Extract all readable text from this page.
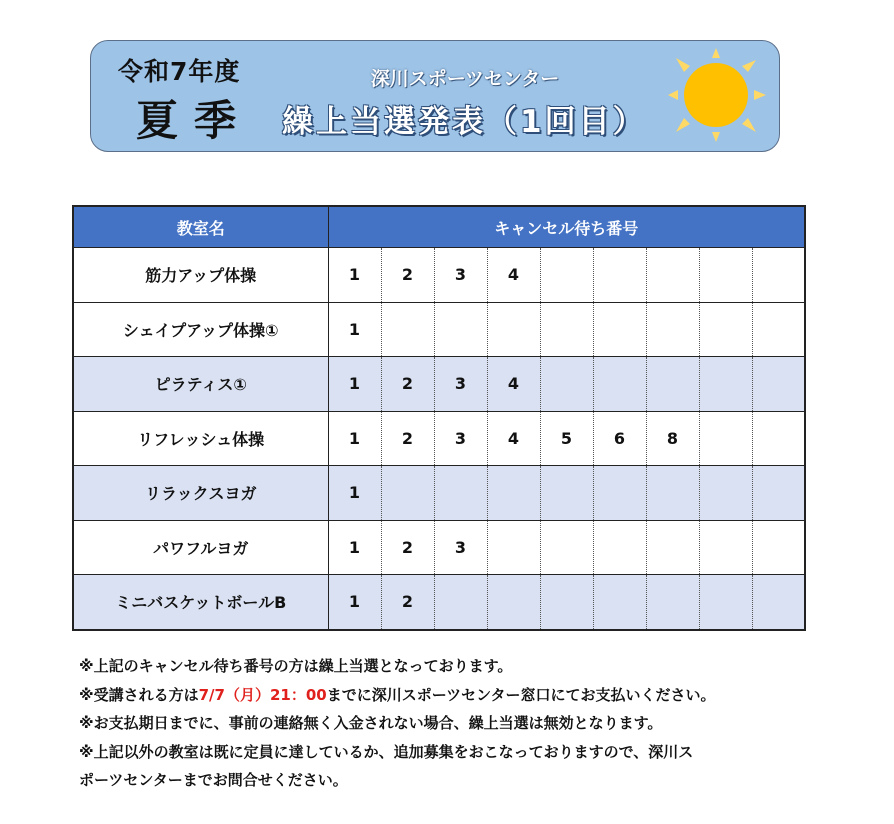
令和7年度
夏季
深川スポーツセンター
繰上当選発表（1回目）
教室名	キャンセル待ち番号								
筋力アップ体操	1	2	3	4					
シェイプアップ体操①	1								
ピラティス①	1	2	3	4					
リフレッシュ体操	1	2	3	4	5	6	8		
リラックスヨガ	1								
パワフルヨガ	1	2	3						
ミニバスケットボールB	1	2							

※上記のキャンセル待ち番号の方は繰上当選となっております。

※受講される方は7/7（月）21：00までに深川スポーツセンター窓口にてお支払いください。

※お支払期日までに、事前の連絡無く入金されない場合、繰上当選は無効となります。

※上記以外の教室は既に定員に達しているか、追加募集をおこなっておりますので、深川ス

ポーツセンターまでお問合せください。
